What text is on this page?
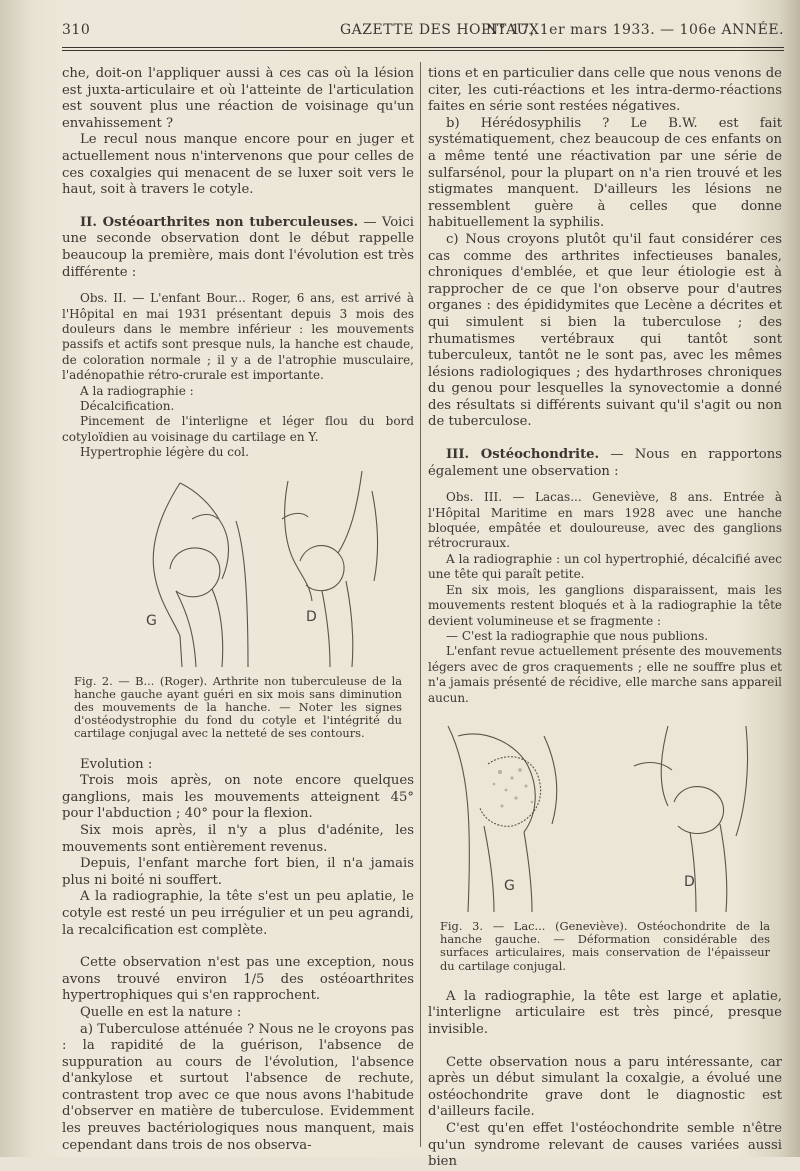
310	GAZETTE DES HOPITAUX
N° 17, 1er mars 1933. — 106e ANNÉE.

che, doit-on l'appliquer aussi à ces cas où la lésion est juxta-articulaire et où l'atteinte de l'articulation est souvent plus une réaction de voisinage qu'un envahissement ?

Le recul nous manque encore pour en juger et actuellement nous n'intervenons que pour celles de ces coxalgies qui menacent de se luxer soit vers le haut, soit à travers le cotyle.

II. Ostéoarthrites non tuberculeuses. — Voici une seconde observation dont le début rappelle beaucoup la première, mais dont l'évolution est très différente :

Obs. II. — L'enfant Bour... Roger, 6 ans, est arrivé à l'Hôpital en mai 1931 présentant depuis 3 mois des douleurs dans le membre inférieur : les mouvements passifs et actifs sont presque nuls, la hanche est chaude, de coloration normale ; il y a de l'atrophie musculaire, l'adénopathie rétro-crurale est importante.

A la radiographie :

Décalcification.

Pincement de l'interligne et léger flou du bord cotyloïdien au voisinage du cartilage en Y.

Hypertrophie légère du col.

G	D

Fig. 2. — B... (Roger). Arthrite non tuberculeuse de la hanche gauche ayant guéri en six mois sans diminution des mouvements de la hanche. — Noter les signes d'ostéodystrophie du fond du cotyle et l'intégrité du cartilage conjugal avec la netteté de ses contours.

Evolution :

Trois mois après, on note encore quelques ganglions, mais les mouvements atteignent 45° pour l'abduction ; 40° pour la flexion.

Six mois après, il n'y a plus d'adénite, les mouvements sont entièrement revenus.

Depuis, l'enfant marche fort bien, il n'a jamais plus ni boité ni souffert.

A la radiographie, la tête s'est un peu aplatie, le cotyle est resté un peu irrégulier et un peu agrandi, la recalcification est complète.

Cette observation n'est pas une exception, nous avons trouvé environ 1/5 des ostéoarthrites hypertrophiques qui s'en rapprochent.

Quelle en est la nature :

a) Tuberculose atténuée ? Nous ne le croyons pas : la rapidité de la guérison, l'absence de suppuration au cours de l'évolution, l'absence d'ankylose et surtout l'absence de rechute, contrastent trop avec ce que nous avons l'habitude d'observer en matière de tuberculose. Evidemment les preuves bactériologiques nous manquent, mais cependant dans trois de nos observa-

tions et en particulier dans celle que nous venons de citer, les cuti-réactions et les intra-dermo-réactions faites en série sont restées négatives.

b) Hérédosyphilis ? Le B.W. est fait systématiquement, chez beaucoup de ces enfants on a même tenté une réactivation par une série de sulfarsénol, pour la plupart on n'a rien trouvé et les stigmates manquent. D'ailleurs les lésions ne ressemblent guère à celles que donne habituellement la syphilis.

c) Nous croyons plutôt qu'il faut considérer ces cas comme des arthrites infectieuses banales, chroniques d'emblée, et que leur étiologie est à rapprocher de ce que l'on observe pour d'autres organes : des épididymites que Lecène a décrites et qui simulent si bien la tuberculose ; des rhumatismes vertébraux qui tantôt sont tuberculeux, tantôt ne le sont pas, avec les mêmes lésions radiologiques ; des hydarthroses chroniques du genou pour lesquelles la synovectomie a donné des résultats si différents suivant qu'il s'agit ou non de tuberculose.

III. Ostéochondrite. — Nous en rapportons également une observation :

Obs. III. — Lacas... Geneviève, 8 ans. Entrée à l'Hôpital Maritime en mars 1928 avec une hanche bloquée, empâtée et douloureuse, avec des ganglions rétrocruraux.

A la radiographie : un col hypertrophié, décalcifié avec une tête qui paraît petite.

En six mois, les ganglions disparaissent, mais les mouvements restent bloqués et à la radiographie la tête devient volumineuse et se fragmente :

— C'est la radiographie que nous publions.

L'enfant revue actuellement présente des mouvements légers avec de gros craquements ; elle ne souffre plus et n'a jamais présenté de récidive, elle marche sans appareil aucun.

G	D

Fig. 3. — Lac... (Geneviève). Ostéochondrite de la hanche gauche. — Déformation considérable des surfaces articulaires, mais conservation de l'épaisseur du cartilage conjugal.

A la radiographie, la tête est large et aplatie, l'interligne articulaire est très pincé, presque invisible.

Cette observation nous a paru intéressante, car après un début simulant la coxalgie, a évolué une ostéochondrite grave dont le diagnostic est d'ailleurs facile.

C'est qu'en effet l'ostéochondrite semble n'être qu'un syndrome relevant de causes variées aussi bien
